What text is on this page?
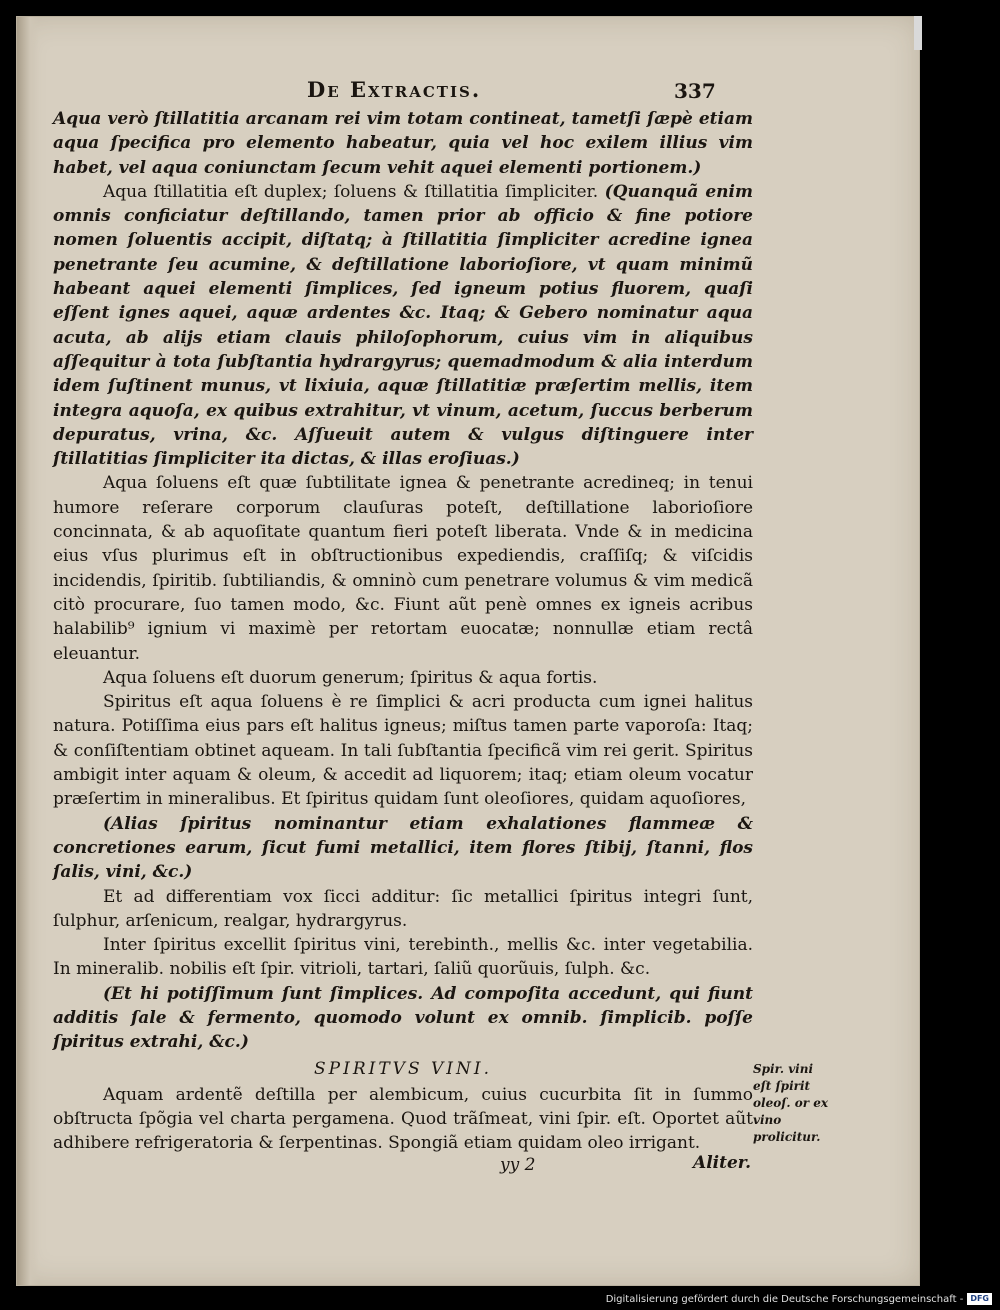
De Extractis.	337

Aqua verò ſtillatitia arcanam rei vim totam contineat, tametſi ſæpè etiam aqua ſpecifica pro elemento habeatur, quia vel hoc exilem illius vim habet, vel aqua coniunctam ſecum vehit aquei elementi portionem.)

Aqua ſtillatitia eſt duplex; ſoluens & ſtillatitia ſimpliciter. (Quanquã enim omnis conficiatur deſtillando, tamen prior ab officio & fine potiore nomen ſoluentis accipit, diſtatq; à ſtillatitia ſimpliciter acredine ignea penetrante ſeu acumine, & deſtillatione laborioſiore, vt quam minimũ habeant aquei elementi ſimplices, ſed igneum potius fluorem, quaſi eſſent ignes aquei, aquæ ardentes &c. Itaq; & Gebero nominatur aqua acuta, ab alijs etiam clauis philoſophorum, cuius vim in aliquibus aſſequitur à tota ſubſtantia hydrargyrus; quemadmodum & alia interdum idem ſuſtinent munus, vt lixiuia, aquæ ſtillatitiæ præſertim mellis, item integra aquoſa, ex quibus extrahitur, vt vinum, acetum, ſuccus berberum depuratus, vrina, &c. Aſſueuit autem & vulgus diſtinguere inter ſtillatitias ſimpliciter ita dictas, & illas eroſiuas.)

Aqua ſoluens eſt quæ ſubtilitate ignea & penetrante acredineq; in tenui humore reſerare corporum clauſuras poteſt, deſtillatione laborioſiore concinnata, & ab aquoſitate quantum fieri poteſt liberata. Vnde & in medicina eius vſus plurimus eſt in obſtructionibus expediendis, craſſiſq; & viſcidis incidendis, ſpiritib. ſubtiliandis, & omninò cum penetrare volumus & vim medicã citò procurare, ſuo tamen modo, &c. Fiunt aũt penè omnes ex igneis acribus halabilib⁹ ignium vi maximè per retortam euocatæ; nonnullæ etiam rectâ eleuantur.

Aqua ſoluens eſt duorum generum; ſpiritus & aqua fortis.

Spiritus eſt aqua ſoluens è re ſimplici & acri producta cum ignei halitus natura. Potiſſima eius pars eſt halitus igneus; miſtus tamen parte vaporoſa: Itaq; & conſiſtentiam obtinet aqueam. In tali ſubſtantia ſpecificã vim rei gerit. Spiritus ambigit inter aquam & oleum, & accedit ad liquorem; itaq; etiam oleum vocatur præſertim in mineralibus. Et ſpiritus quidam ſunt oleoſiores, quidam aquoſiores,

(Alias ſpiritus nominantur etiam exhalationes flammeæ & concretiones earum, ſicut fumi metallici, item flores ſtibij, ſtanni, flos ſalis, vini, &c.)

Et ad differentiam vox ſicci additur: ſic metallici ſpiritus integri ſunt, ſulphur, arſenicum, realgar, hydrargyrus.

Inter ſpiritus excellit ſpiritus vini, terebinth., mellis &c. inter vegetabilia. In mineralib. nobilis eſt ſpir. vitrioli, tartari, ſaliũ quorũuis, ſulph. &c.

(Et hi potiſſimum ſunt ſimplices. Ad compoſita accedunt, qui fiunt additis ſale & fermento, quomodo volunt ex omnib. ſimplicib. poſſe ſpiritus extrahi, &c.)

SPIRITVS VINI.

Aquam ardentẽ deſtilla per alembicum, cuius cucurbita ſit in ſummo obſtructa ſpõgia vel charta pergamena. Quod trãſmeat, vini ſpir. eſt. Oportet aũt adhibere refrigeratoria & ſerpentinas. Spongiã etiam quidam oleo irrigant.

Spir. vini eſt ſpirit oleoſ. or ex vino prolicitur.
yy 2	Aliter.
Digitalisierung gefördert durch die Deutsche Forschungsgemeinschaft - DFG
